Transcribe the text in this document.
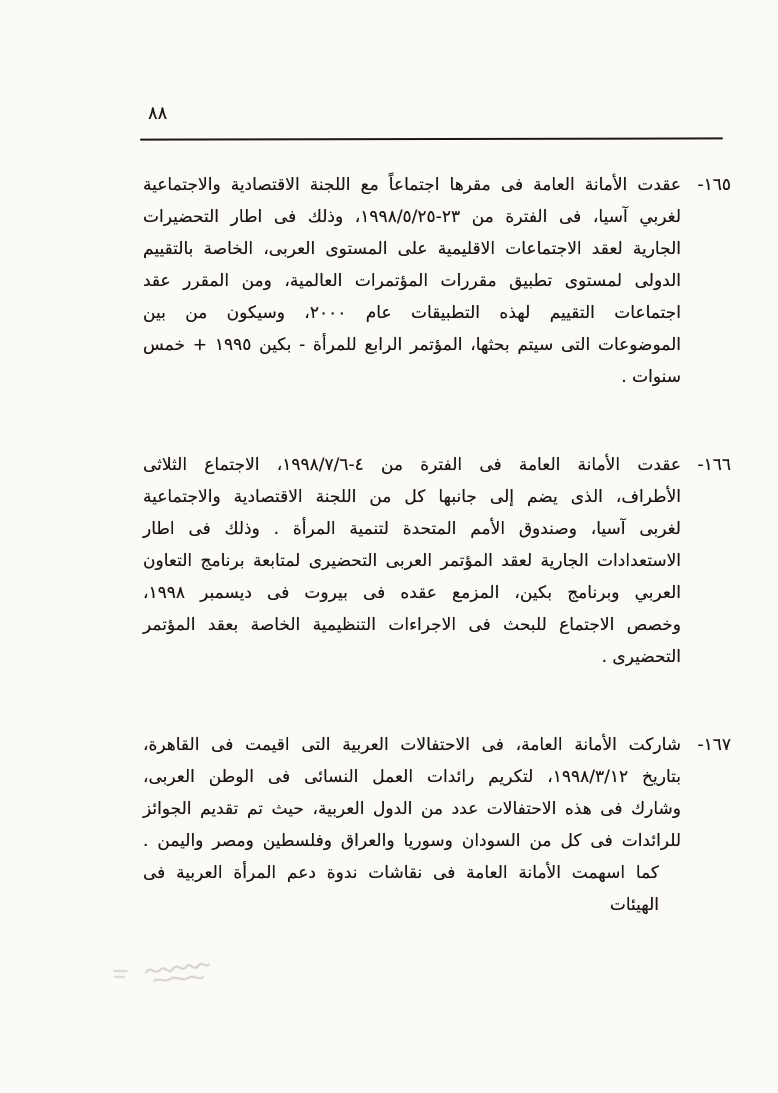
٨٨
١٦٥-
عقدت الأمانة العامة فى مقرها اجتماعاً مع اللجنة الاقتصادية والاجتماعية
لغربي آسيا، فى الفترة من ٢٣-١٩٩٨/٥/٢٥، وذلك فى اطار التحضيرات
الجارية لعقد الاجتماعات الاقليمية على المستوى العربى، الخاصة بالتقييم
الدولى لمستوى تطبيق مقررات المؤتمرات العالمية، ومن المقرر عقد
اجتماعات التقييم لهذه التطبيقات عام ٢٠٠٠، وسيكون من بين
الموضوعات التى سيتم بحثها، المؤتمر الرابع للمرأة - بكين ١٩٩٥ + خمس
سنوات .
١٦٦-
عقدت الأمانة العامة فى الفترة من ٤-١٩٩٨/٧/٦، الاجتماع الثلاثى
الأطراف، الذى يضم إلى جانبها كل من اللجنة الاقتصادية والاجتماعية
لغربى آسيا، وصندوق الأمم المتحدة لتنمية المرأة . وذلك فى اطار
الاستعدادات الجارية لعقد المؤتمر العربى التحضيرى لمتابعة برنامج التعاون
العربي وبرنامج بكين، المزمع عقده فى بيروت فى ديسمبر ١٩٩٨،
وخصص الاجتماع للبحث فى الاجراءات التنظيمية الخاصة بعقد المؤتمر
التحضيرى .
١٦٧-
شاركت الأمانة العامة، فى الاحتفالات العربية التى اقيمت فى القاهرة،
بتاريخ ١٩٩٨/٣/١٢، لتكريم رائدات العمل النسائى فى الوطن العربى،
وشارك فى هذه الاحتفالات عدد من الدول العربية، حيث تم تقديم الجوائز
للرائدات فى كل من السودان وسوريا والعراق وفلسطين ومصر واليمن .
كما اسهمت الأمانة العامة فى نقاشات ندوة دعم المرأة العربية فى الهيئات
